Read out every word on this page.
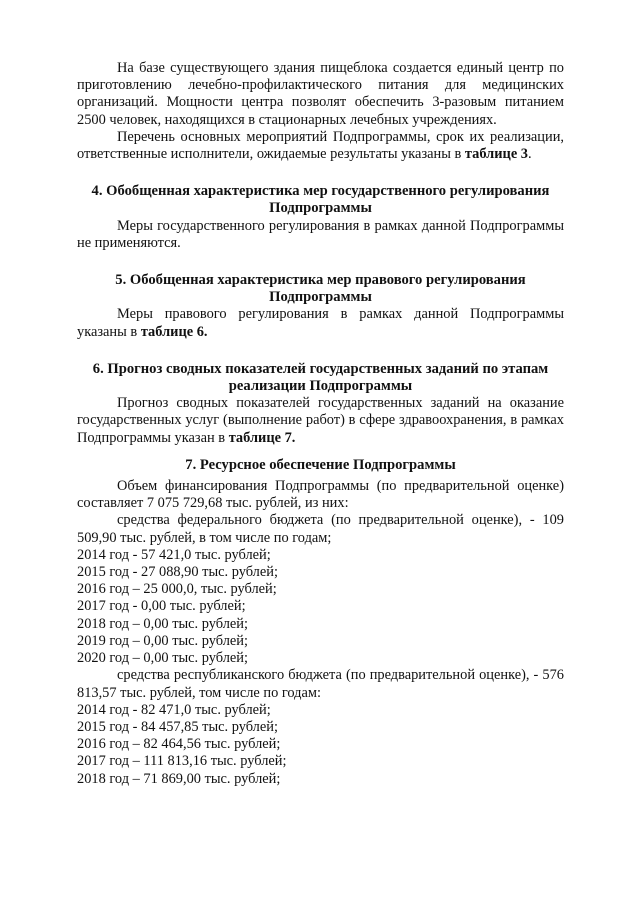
На базе существующего здания пищеблока создается единый центр по приготовлению лечебно-профилактического питания для медицинских организаций. Мощности центра позволят обеспечить 3-разовым питанием 2500 человек, находящихся в стационарных лечебных учреждениях.

Перечень основных мероприятий Подпрограммы, срок их реализации, ответственные исполнители, ожидаемые результаты указаны в таблице 3.

4. Обобщенная характеристика мер государственного регулирования

Подпрограммы

Меры государственного регулирования в рамках данной Подпрограммы не применяются.

5. Обобщенная характеристика мер правового регулирования

Подпрограммы

Меры правового регулирования в рамках данной Подпрограммы указаны в таблице 6.

6. Прогноз сводных показателей государственных заданий по этапам

реализации Подпрограммы

Прогноз сводных показателей государственных заданий на оказание государственных услуг (выполнение работ) в сфере здравоохранения, в рамках Подпрограммы указан в таблице 7.

7. Ресурсное обеспечение Подпрограммы

Объем финансирования Подпрограммы (по предварительной оценке) составляет 7 075 729,68 тыс. рублей, из них:

средства федерального бюджета (по предварительной оценке), - 109 509,90 тыс. рублей, в том числе по годам;

2014 год - 57 421,0 тыс. рублей;

2015 год - 27 088,90 тыс. рублей;

2016 год – 25 000,0, тыс. рублей;

2017 год - 0,00 тыс. рублей;

2018 год – 0,00 тыс. рублей;

2019 год – 0,00 тыс. рублей;

2020 год – 0,00 тыс. рублей;

средства республиканского бюджета (по предварительной оценке), - 576 813,57 тыс. рублей, том числе по годам:

2014 год - 82 471,0 тыс. рублей;

2015 год - 84 457,85 тыс. рублей;

2016 год – 82 464,56 тыс. рублей;

2017 год – 111 813,16 тыс. рублей;

2018 год – 71 869,00 тыс. рублей;
